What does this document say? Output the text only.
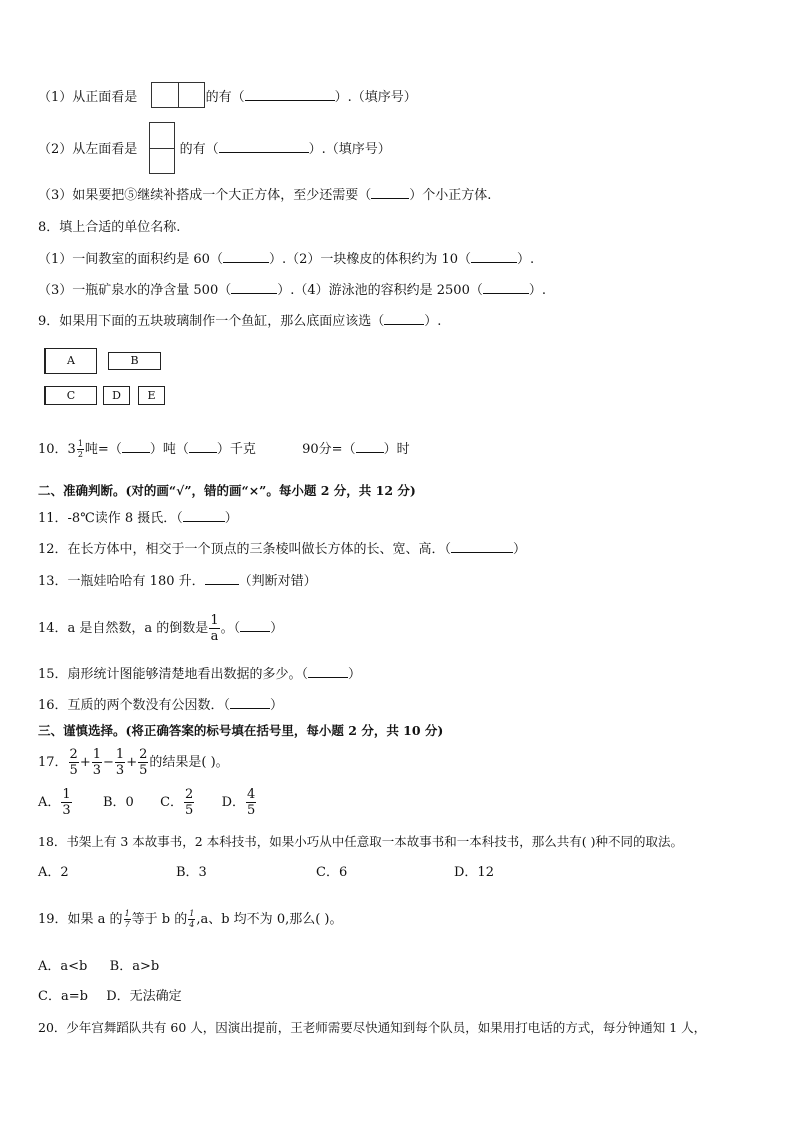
（1）从正面看是	的有（	）.（填序号）
（2）从左面看是	的有（	）.（填序号）
（3）如果要把⑤继续补搭成一个大正方体，至少还需要（	）个小正方体.
8．填上合适的单位名称.
（1）一间教室的面积约是 60（	）.（2）一块橡皮的体积约为 10（	）.
（3）一瓶矿泉水的净含量 500（	）.（4）游泳池的容积约是 2500（	）.
9．如果用下面的五块玻璃制作一个鱼缸，那么底面应该选（	）.
A	B
C	D	E
10．$3 \frac{1}{2}$ 吨=（ ）吨（ ）千克	90分=（ ）时
二、准确判断。(对的画“√”，错的画“×”。每小题 2 分，共 12 分)
11．-8℃读作 8 摄氏．（	）
12．在长方体中，相交于一个顶点的三条棱叫做长方体的长、宽、高．（	）
13．一瓶娃哈哈有 180 升．	（判断对错）
14．a 是自然数，a 的倒数是 $\frac{1}{a}$ 。（ ）
15．扇形统计图能够清楚地看出数据的多少。（	）
16．互质的两个数没有公因数．（	）
三、谨慎选择。(将正确答案的标号填在括号里，每小题 2 分，共 10 分)
17． $\frac{2}{5} + \frac{1}{3} - \frac{1}{3} + \frac{2}{5}$ 的结果是( )。
A． $\frac{1}{3}$ B．0 C． $\frac{2}{5}$ D． $\frac{4}{5}$
18．书架上有 3 本故事书，2 本科技书，如果小巧从中任意取一本故事书和一本科技书，那么共有( )种不同的取法。
A．2	B．3	C．6	D．12
19．如果 a 的 $\frac{1}{7}$ 等于 b 的 $\frac{1}{4} ,a$、b 均不为 0,那么( )。
A．a<b B．a>b
C．a=b D．无法确定
20．少年宫舞蹈队共有 60 人，因演出提前，王老师需要尽快通知到每个队员，如果用打电话的方式，每分钟通知 1 人，
